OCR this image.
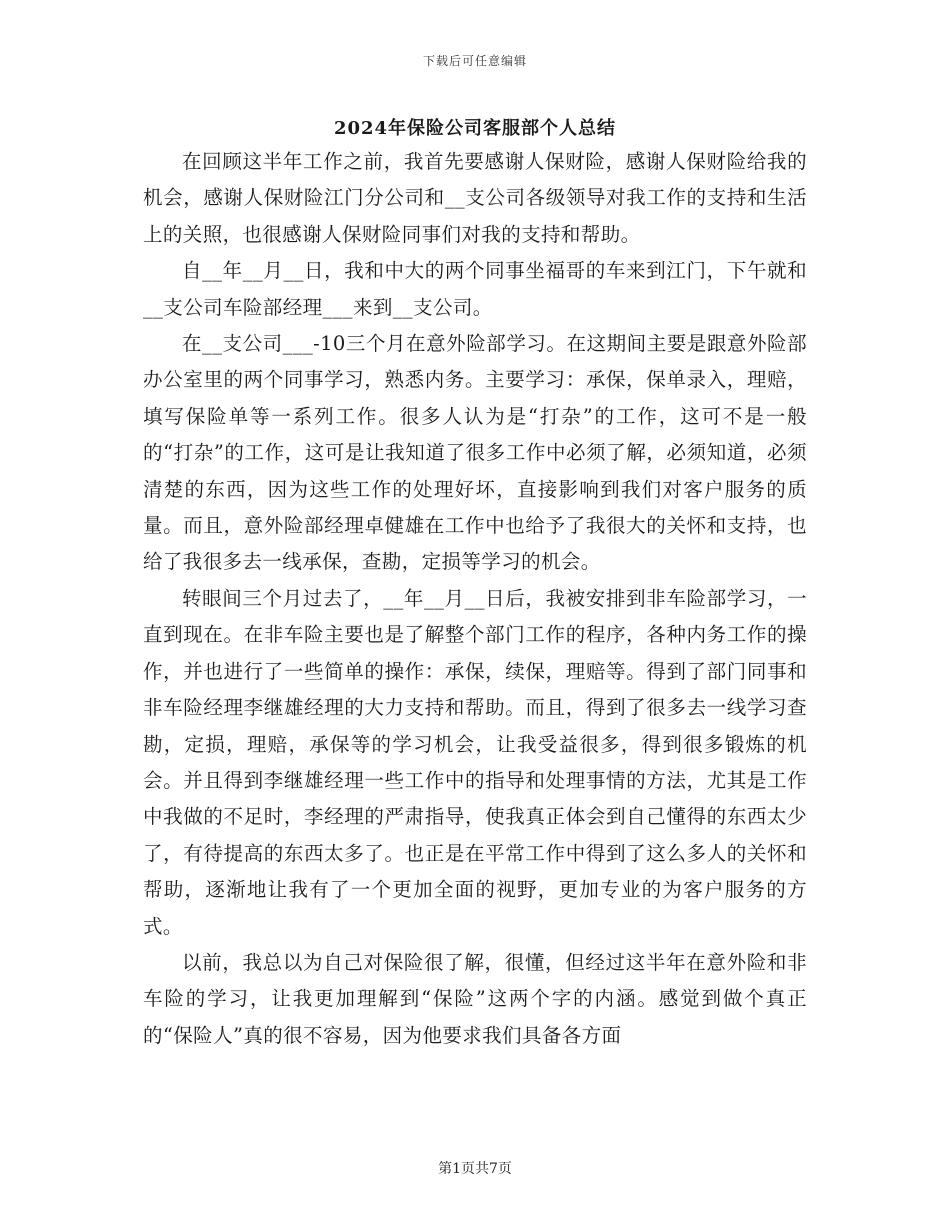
下载后可任意编辑
2024年保险公司客服部个人总结

在回顾这半年工作之前，我首先要感谢人保财险，感谢人保财险给我的机会，感谢人保财险江门分公司和__支公司各级领导对我工作的支持和生活上的关照，也很感谢人保财险同事们对我的支持和帮助。

自__年__月__日，我和中大的两个同事坐福哥的车来到江门，下午就和__支公司车险部经理___来到__支公司。

在__支公司___-10三个月在意外险部学习。在这期间主要是跟意外险部办公室里的两个同事学习，熟悉内务。主要学习：承保，保单录入，理赔，填写保险单等一系列工作。很多人认为是“打杂”的工作，这可不是一般的“打杂”的工作，这可是让我知道了很多工作中必须了解，必须知道，必须清楚的东西，因为这些工作的处理好坏，直接影响到我们对客户服务的质量。而且，意外险部经理卓健雄在工作中也给予了我很大的关怀和支持，也给了我很多去一线承保，查勘，定损等学习的机会。

转眼间三个月过去了，__年__月__日后，我被安排到非车险部学习，一直到现在。在非车险主要也是了解整个部门工作的程序，各种内务工作的操作，并也进行了一些简单的操作：承保，续保，理赔等。得到了部门同事和非车险经理李继雄经理的大力支持和帮助。而且，得到了很多去一线学习查勘，定损，理赔，承保等的学习机会，让我受益很多，得到很多锻炼的机会。并且得到李继雄经理一些工作中的指导和处理事情的方法，尤其是工作中我做的不足时，李经理的严肃指导，使我真正体会到自己懂得的东西太少了，有待提高的东西太多了。也正是在平常工作中得到了这么多人的关怀和帮助，逐渐地让我有了一个更加全面的视野，更加专业的为客户服务的方式。

以前，我总以为自己对保险很了解，很懂，但经过这半年在意外险和非车险的学习，让我更加理解到“保险”这两个字的内涵。感觉到做个真正的“保险人”真的很不容易，因为他要求我们具备各方面

第1页共7页
